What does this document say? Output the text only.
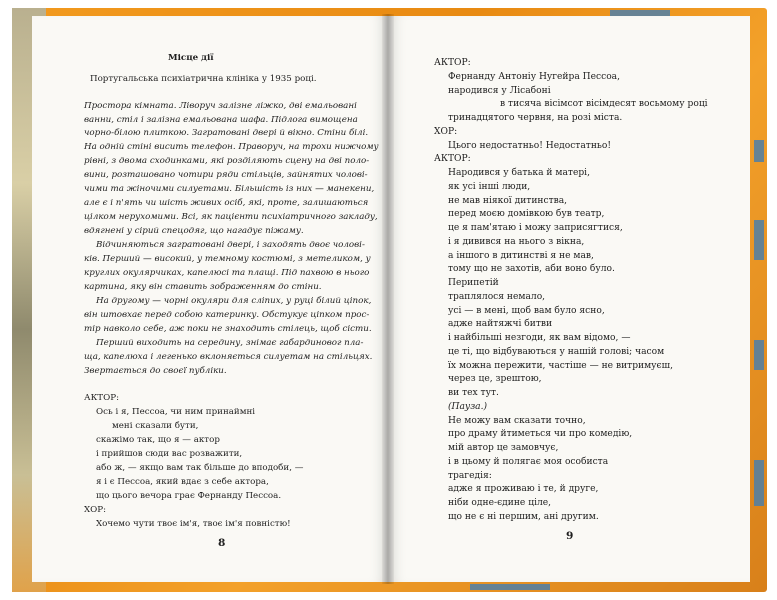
Місце дії
Португальська психіатрична клініка у 1935 році.
Простора кімната. Ліворуч залізне ліжко, дві емальовані
ванни, стіл і залізна емальована шафа. Підлога вимощена
чорно-білою плиткою. Загратовані двері й вікно. Стіни білі.
На одній стіні висить телефон. Праворуч, на трохи нижчому
рівні, з двома сходинками, які розділяють сцену на дві поло-
вини, розташовано чотири ряди стільців, зайнятих чолові-
чими та жіночими силуетами. Більшість із них — манекени,
але є і п'ять чи шість живих осіб, які, проте, залишаються
цілком нерухомими. Всі, як пацієнти психіатричного закладу,
вдягнені у сірий спецодяг, що нагадує піжаму.
Відчиняються загратовані двері, і заходять двоє чолові-
ків. Перший — високий, у темному костюмі, з метеликом, у
круглих окулярчиках, капелюсі та плащі. Під пахвою в нього
картина, яку він ставить зображенням до стіни.
На другому — чорні окуляри для сліпих, у руці білий ціпок,
він штовхає перед собою катеринку. Обстукує ціпком прос-
тір навколо себе, аж поки не знаходить стілець, щоб сісти.
Перший виходить на середину, знімає габардиновог пла-
ща, капелюха і легенько вклоняється силуетам на стільцях.
Звертається до своєї публіки.
АКТОР:
Ось і я, Пессоа, чи ним принаймні
мені сказали бути,
скажімо так, що я — актор
і прийшов сюди вас розважити,
або ж, — якщо вам так більше до вподоби, —
я і є Пессоа, який вдає з себе актора,
що цього вечора грає Фернанду Пессоа.
ХОР:
Хочемо чути твоє ім'я, твоє ім'я повністю!
8
АКТОР:
Фернанду Антоніу Нугейра Пессоа,
народився у Лісабоні
в тисяча вісімсот вісімдесят восьмому році
тринадцятого червня, на розі міста.
ХОР:
Цього недостатньо! Недостатньо!
АКТОР:
Народився у батька й матері,
як усі інші люди,
не мав ніякої дитинства,
перед моєю домівкою був театр,
це я пам'ятаю і можу заприсягтися,
і я дивився на нього з вікна,
а іншого в дитинстві я не мав,
тому що не захотів, аби воно було.
Перипетій
траплялося немало,
усі — в мені, щоб вам було ясно,
адже найтяжчі битви
і найбільші незгоди, як вам відомо, —
це ті, що відбуваються у нашій голові; часом
їх можна пережити, частіше — не витримуєш,
через це, зрештою,
ви тех тут.
(Пауза.)
Не можу вам сказати точно,
про драму йтиметься чи про комедію,
мій автор це замовчує,
і в цьому й полягає моя особиста
трагедія:
адже я проживаю і те, й друге,
ніби одне-єдине ціле,
що не є ні першим, ані другим.
9
